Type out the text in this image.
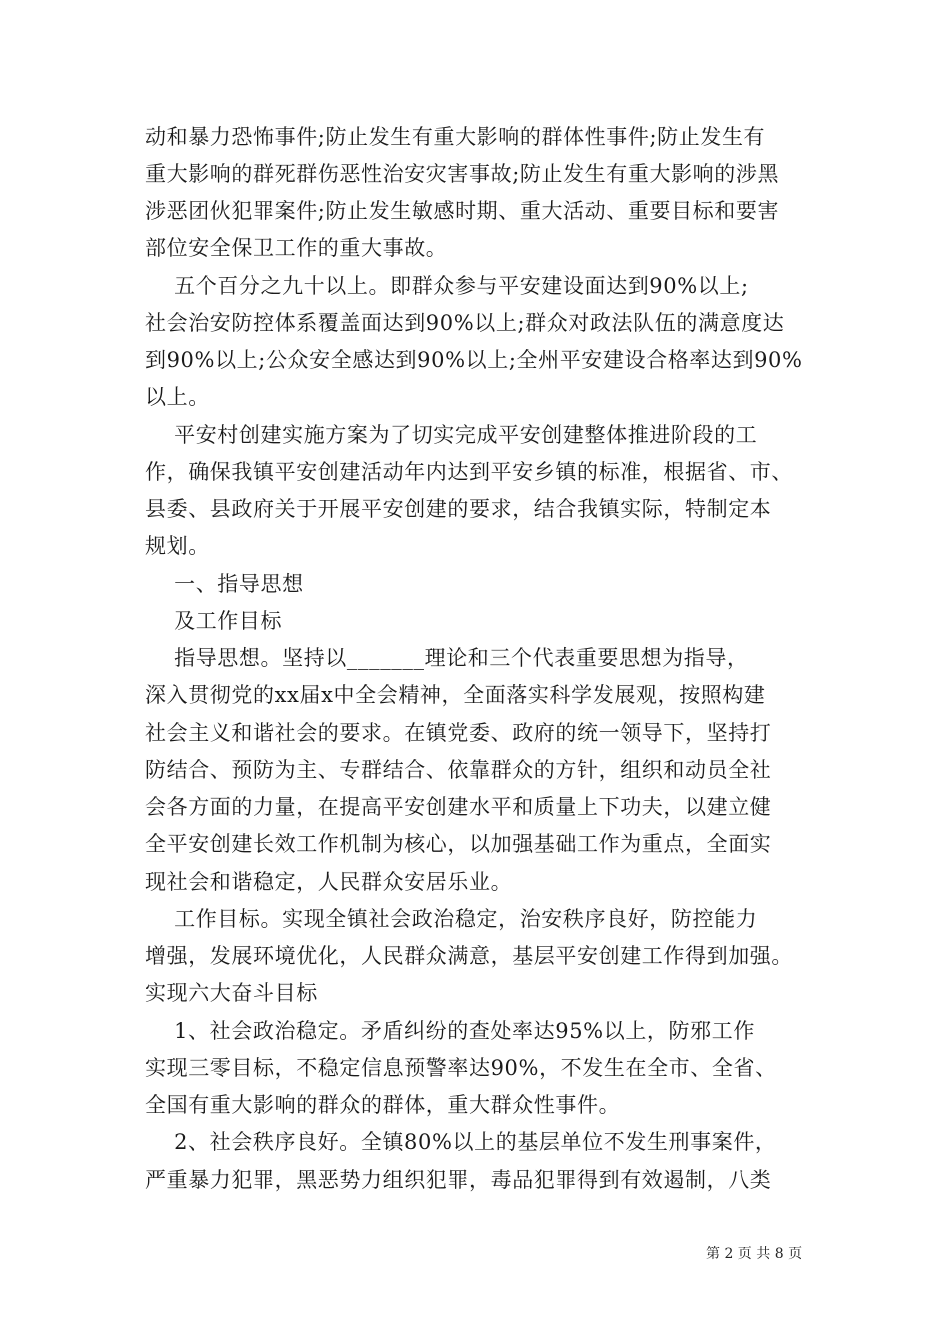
动和暴力恐怖事件;防止发生有重大影响的群体性事件;防止发生有
重大影响的群死群伤恶性治安灾害事故;防止发生有重大影响的涉黑
涉恶团伙犯罪案件;防止发生敏感时期、重大活动、重要目标和要害
部位安全保卫工作的重大事故。
五个百分之九十以上。即群众参与平安建设面达到90%以上;
社会治安防控体系覆盖面达到90%以上;群众对政法队伍的满意度达
到90%以上;公众安全感达到90%以上;全州平安建设合格率达到90%
以上。
平安村创建实施方案为了切实完成平安创建整体推进阶段的工
作，确保我镇平安创建活动年内达到平安乡镇的标准，根据省、市、
县委、县政府关于开展平安创建的要求，结合我镇实际，特制定本
规划。
一、指导思想
及工作目标
指导思想。坚持以_______理论和三个代表重要思想为指导，
深入贯彻党的xx届x中全会精神，全面落实科学发展观，按照构建
社会主义和谐社会的要求。在镇党委、政府的统一领导下，坚持打
防结合、预防为主、专群结合、依靠群众的方针，组织和动员全社
会各方面的力量，在提高平安创建水平和质量上下功夫，以建立健
全平安创建长效工作机制为核心，以加强基础工作为重点，全面实
现社会和谐稳定，人民群众安居乐业。
工作目标。实现全镇社会政治稳定，治安秩序良好，防控能力
增强，发展环境优化，人民群众满意，基层平安创建工作得到加强。
实现六大奋斗目标
1、社会政治稳定。矛盾纠纷的查处率达95%以上，防邪工作
实现三零目标，不稳定信息预警率达90%，不发生在全市、全省、
全国有重大影响的群众的群体，重大群众性事件。
2、社会秩序良好。全镇80%以上的基层单位不发生刑事案件，
严重暴力犯罪，黑恶势力组织犯罪，毒品犯罪得到有效遏制，八类
第 2 页 共 8 页
